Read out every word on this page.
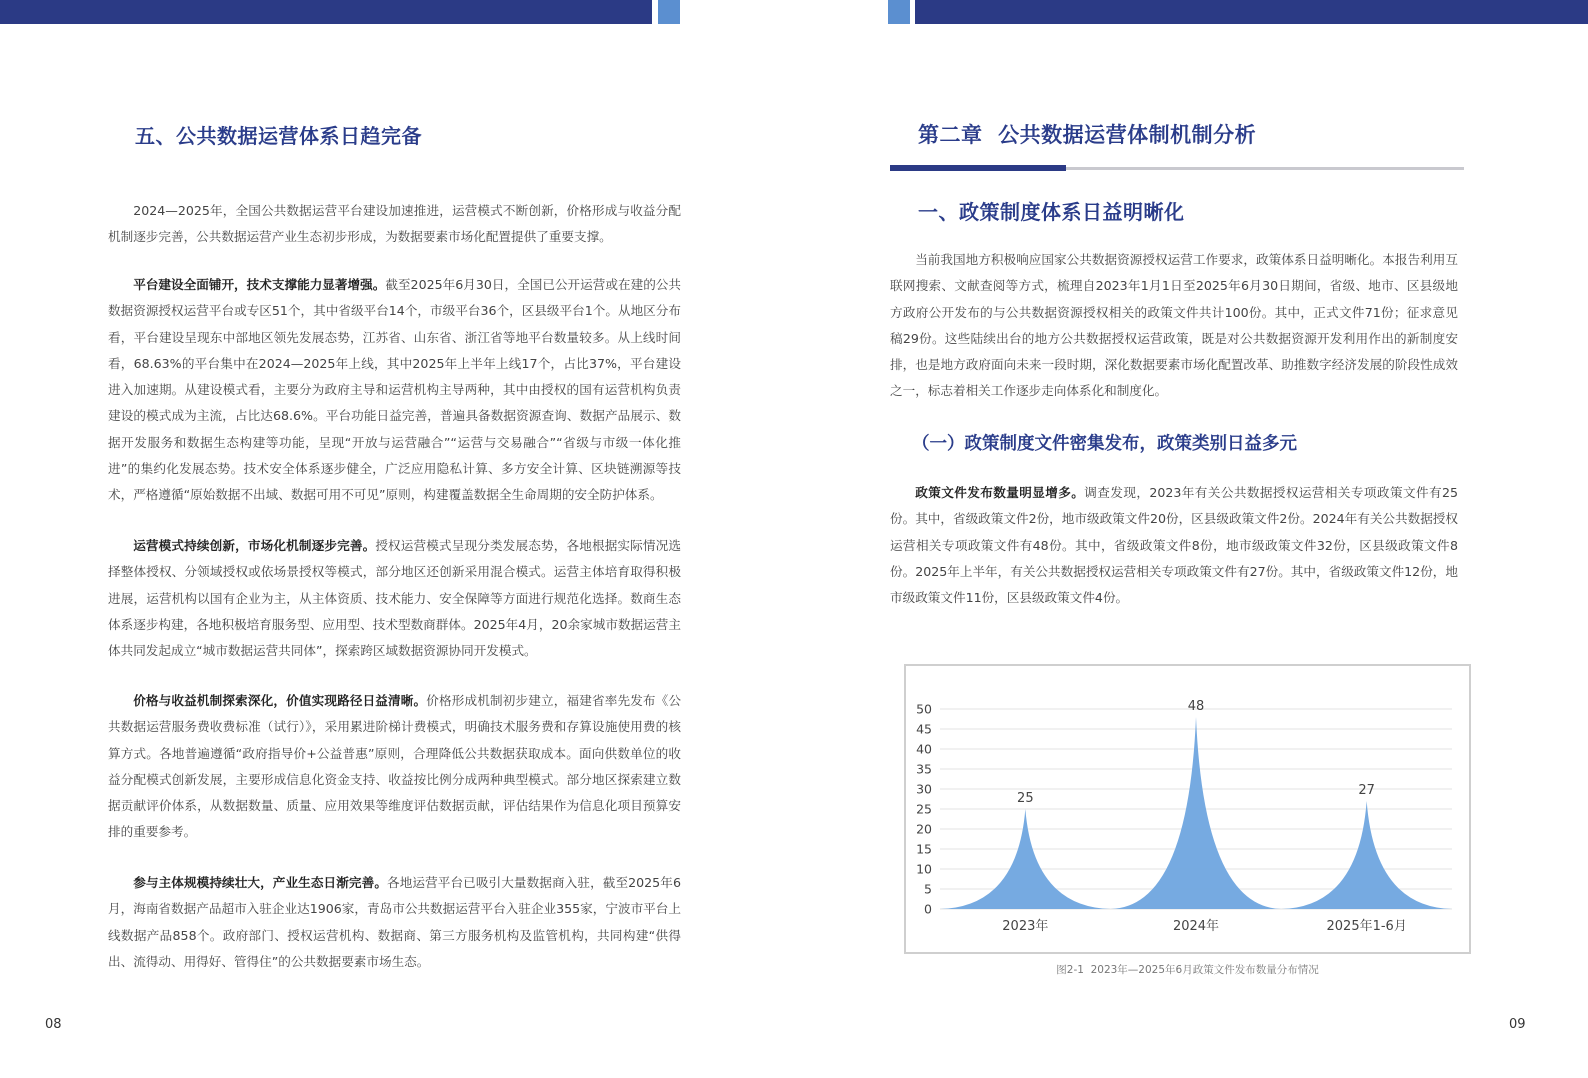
五、公共数据运营体系日趋完备

2024—2025年，全国公共数据运营平台建设加速推进，运营模式不断创新，价格形成与收益分配机制逐步完善，公共数据运营产业生态初步形成，为数据要素市场化配置提供了重要支撑。

平台建设全面铺开，技术支撑能力显著增强。截至2025年6月30日，全国已公开运营或在建的公共数据资源授权运营平台或专区51个，其中省级平台14个，市级平台36个，区县级平台1个。从地区分布看，平台建设呈现东中部地区领先发展态势，江苏省、山东省、浙江省等地平台数量较多。从上线时间看，68.63%的平台集中在2024—2025年上线，其中2025年上半年上线17个，占比37%，平台建设进入加速期。从建设模式看，主要分为政府主导和运营机构主导两种，其中由授权的国有运营机构负责建设的模式成为主流，占比达68.6%。平台功能日益完善，普遍具备数据资源查询、数据产品展示、数据开发服务和数据生态构建等功能，呈现“开放与运营融合”“运营与交易融合”“省级与市级一体化推进”的集约化发展态势。技术安全体系逐步健全，广泛应用隐私计算、多方安全计算、区块链溯源等技术，严格遵循“原始数据不出域、数据可用不可见”原则，构建覆盖数据全生命周期的安全防护体系。

运营模式持续创新，市场化机制逐步完善。授权运营模式呈现分类发展态势，各地根据实际情况选择整体授权、分领域授权或依场景授权等模式，部分地区还创新采用混合模式。运营主体培育取得积极进展，运营机构以国有企业为主，从主体资质、技术能力、安全保障等方面进行规范化选择。数商生态体系逐步构建，各地积极培育服务型、应用型、技术型数商群体。2025年4月，20余家城市数据运营主体共同发起成立“城市数据运营共同体”，探索跨区域数据资源协同开发模式。

价格与收益机制探索深化，价值实现路径日益清晰。价格形成机制初步建立，福建省率先发布《公共数据运营服务费收费标准（试行）》，采用累进阶梯计费模式，明确技术服务费和存算设施使用费的核算方式。各地普遍遵循“政府指导价+公益普惠”原则，合理降低公共数据获取成本。面向供数单位的收益分配模式创新发展，主要形成信息化资金支持、收益按比例分成两种典型模式。部分地区探索建立数据贡献评价体系，从数据数量、质量、应用效果等维度评估数据贡献，评估结果作为信息化项目预算安排的重要参考。

参与主体规模持续壮大，产业生态日渐完善。各地运营平台已吸引大量数据商入驻，截至2025年6月，海南省数据产品超市入驻企业达1906家，青岛市公共数据运营平台入驻企业355家，宁波市平台上线数据产品858个。政府部门、授权运营机构、数据商、第三方服务机构及监管机构，共同构建“供得出、流得动、用得好、管得住”的公共数据要素市场生态。

08
第二章  公共数据运营体制机制分析
一、政策制度体系日益明晰化

当前我国地方积极响应国家公共数据资源授权运营工作要求，政策体系日益明晰化。本报告利用互联网搜索、文献查阅等方式，梳理自2023年1月1日至2025年6月30日期间，省级、地市、区县级地方政府公开发布的与公共数据资源授权相关的政策文件共计100份。其中，正式文件71份；征求意见稿29份。这些陆续出台的地方公共数据授权运营政策，既是对公共数据资源开发利用作出的新制度安排，也是地方政府面向未来一段时期，深化数据要素市场化配置改革、助推数字经济发展的阶段性成效之一，标志着相关工作逐步走向体系化和制度化。

（一）政策制度文件密集发布，政策类别日益多元

政策文件发布数量明显增多。调查发现，2023年有关公共数据授权运营相关专项政策文件有25份。其中，省级政策文件2份，地市级政策文件20份，区县级政策文件2份。2024年有关公共数据授权运营相关专项政策文件有48份。其中，省级政策文件8份，地市级政策文件32份，区县级政策文件8份。2025年上半年，有关公共数据授权运营相关专项政策文件有27份。其中，省级政策文件12份，地市级政策文件11份，区县级政策文件4份。

0
5
10
15
20
25
30
35
40
45
50
25
2023年
48
2024年
27
2025年1-6月
图2-1  2023年—2025年6月政策文件发布数量分布情况
09
